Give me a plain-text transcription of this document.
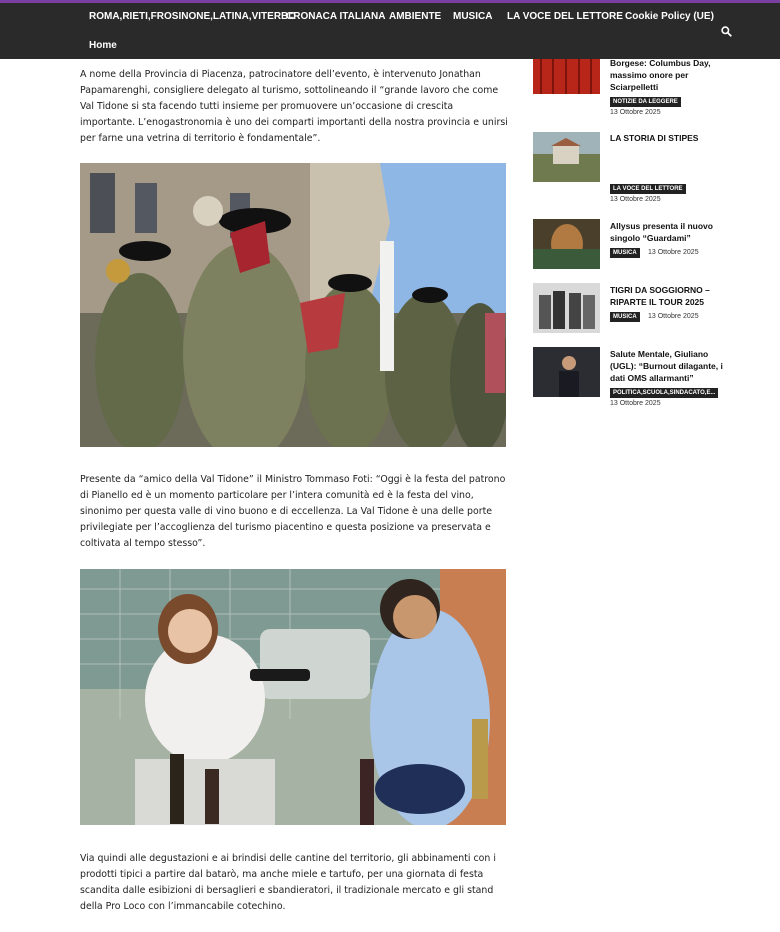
ROMA,RIETI,FROSINONE,LATINA,VITERBO
CRONACA ITALIANA AMBIENTE MUSICA LA VOCE DEL LETTORE Cookie Policy (UE)
Home

A nome della Provincia di Piacenza, patrocinatore dell’evento, è intervenuto Jonathan Papamarenghi, consigliere delegato al turismo, sottolineando il “grande lavoro che come Val Tidone si sta facendo tutti insieme per promuovere un’occasione di crescita importante. L’enogastronomia è uno dei comparti importanti della nostra provincia e unirsi per farne una vetrina di territorio è fondamentale”.

Presente da “amico della Val Tidone” il Ministro Tommaso Foti: “Oggi è la festa del patrono di Pianello ed è un momento particolare per l’intera comunità ed è la festa del vino, sinonimo per questa valle di vino buono e di eccellenza. La Val Tidone è una delle porte privilegiate per l’accoglienza del turismo piacentino e questa posizione va preservata e coltivata al tempo stesso”.

Via quindi alle degustazioni e ai brindisi delle cantine del territorio, gli abbinamenti con i prodotti tipici a partire dal batarò, ma anche miele e tartufo, per una giornata di festa scandita dalle esibizioni di bersaglieri e sbandieratori, il tradizionale mercato e gli stand della Pro Loco con l’immancabile cotechino.

Borgese: Columbus Day, massimo onore per Sciarpelletti
NOTIZIE DA LEGGERE
13 Ottobre 2025
LA STORIA DI STIPES
LA VOCE DEL LETTORE
13 Ottobre 2025
Allysus presenta il nuovo singolo “Guardami”
MUSICA	13 Ottobre 2025
TIGRI DA SOGGIORNO – RIPARTE IL TOUR 2025
MUSICA	13 Ottobre 2025
Salute Mentale, Giuliano (UGL): “Burnout dilagante, i dati OMS allarmanti”
POLITICA,SCUOLA,SINDACATO,E...
13 Ottobre 2025
